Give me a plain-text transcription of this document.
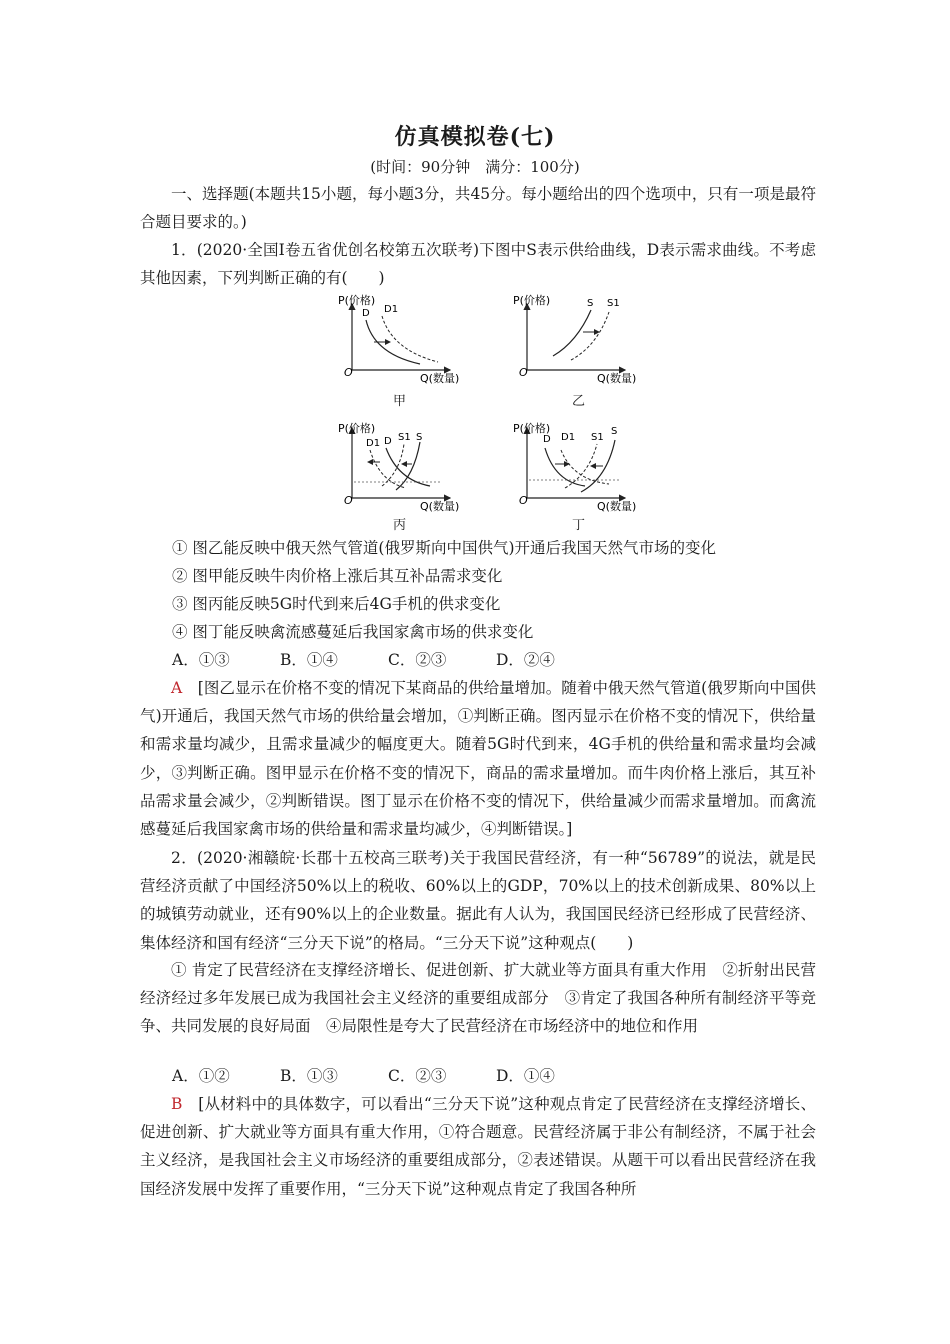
仿真模拟卷(七)
(时间：90分钟　满分：100分)

一、选择题(本题共15小题，每小题3分，共45分。每小题给出的四个选项中，只有一项是最符合题目要求的。)

1．(2020·全国Ⅰ卷五省优创名校第五次联考)下图中S表示供给曲线，D表示需求曲线。不考虑其他因素，下列判断正确的有(　　)

P(价格)
Q(数量)
O
D D1
甲
P(价格)
Q(数量)
O
S S1
乙
P(价格)
Q(数量)
O
D1 D S1 S
丙
P(价格)
Q(数量)
O
D D1 S1
S
丁
① 图乙能反映中俄天然气管道(俄罗斯向中国供气)开通后我国天然气市场的变化
② 图甲能反映牛肉价格上涨后其互补品需求变化
③ 图丙能反映5G时代到来后4G手机的供求变化
④ 图丁能反映禽流感蔓延后我国家禽市场的供求变化
A．①③	B．①④	C．②③	D．②④

A　 [图乙显示在价格不变的情况下某商品的供给量增加。随着中俄天然气管道(俄罗斯向中国供气)开通后，我国天然气市场的供给量会增加，①判断正确。图丙显示在价格不变的情况下，供给量和需求量均减少，且需求量减少的幅度更大。随着5G时代到来，4G手机的供给量和需求量均会减少，③判断正确。图甲显示在价格不变的情况下，商品的需求量增加。而牛肉价格上涨后，其互补品需求量会减少，②判断错误。图丁显示在价格不变的情况下，供给量减少而需求量增加。而禽流感蔓延后我国家禽市场的供给量和需求量均减少，④判断错误。]

2．(2020·湘赣皖·长郡十五校高三联考)关于我国民营经济，有一种“56789”的说法，就是民营经济贡献了中国经济50%以上的税收、60%以上的GDP，70%以上的技术创新成果、80%以上的城镇劳动就业，还有90%以上的企业数量。据此有人认为，我国国民经济已经形成了民营经济、集体经济和国有经济“三分天下说”的格局。“三分天下说”这种观点(　　)

① 肯定了民营经济在支撑经济增长、促进创新、扩大就业等方面具有重大作用　②折射出民营经济经过多年发展已成为我国社会主义经济的重要组成部分　③肯定了我国各种所有制经济平等竞争、共同发展的良好局面　④局限性是夸大了民营经济在市场经济中的地位和作用

A．①②	B．①③	C．②③	D．①④

B　 [从材料中的具体数字，可以看出“三分天下说”这种观点肯定了民营经济在支撑经济增长、促进创新、扩大就业等方面具有重大作用，①符合题意。民营经济属于非公有制经济，不属于社会主义经济，是我国社会主义市场经济的重要组成部分，②表述错误。从题干可以看出民营经济在我国经济发展中发挥了重要作用，“三分天下说”这种观点肯定了我国各种所
